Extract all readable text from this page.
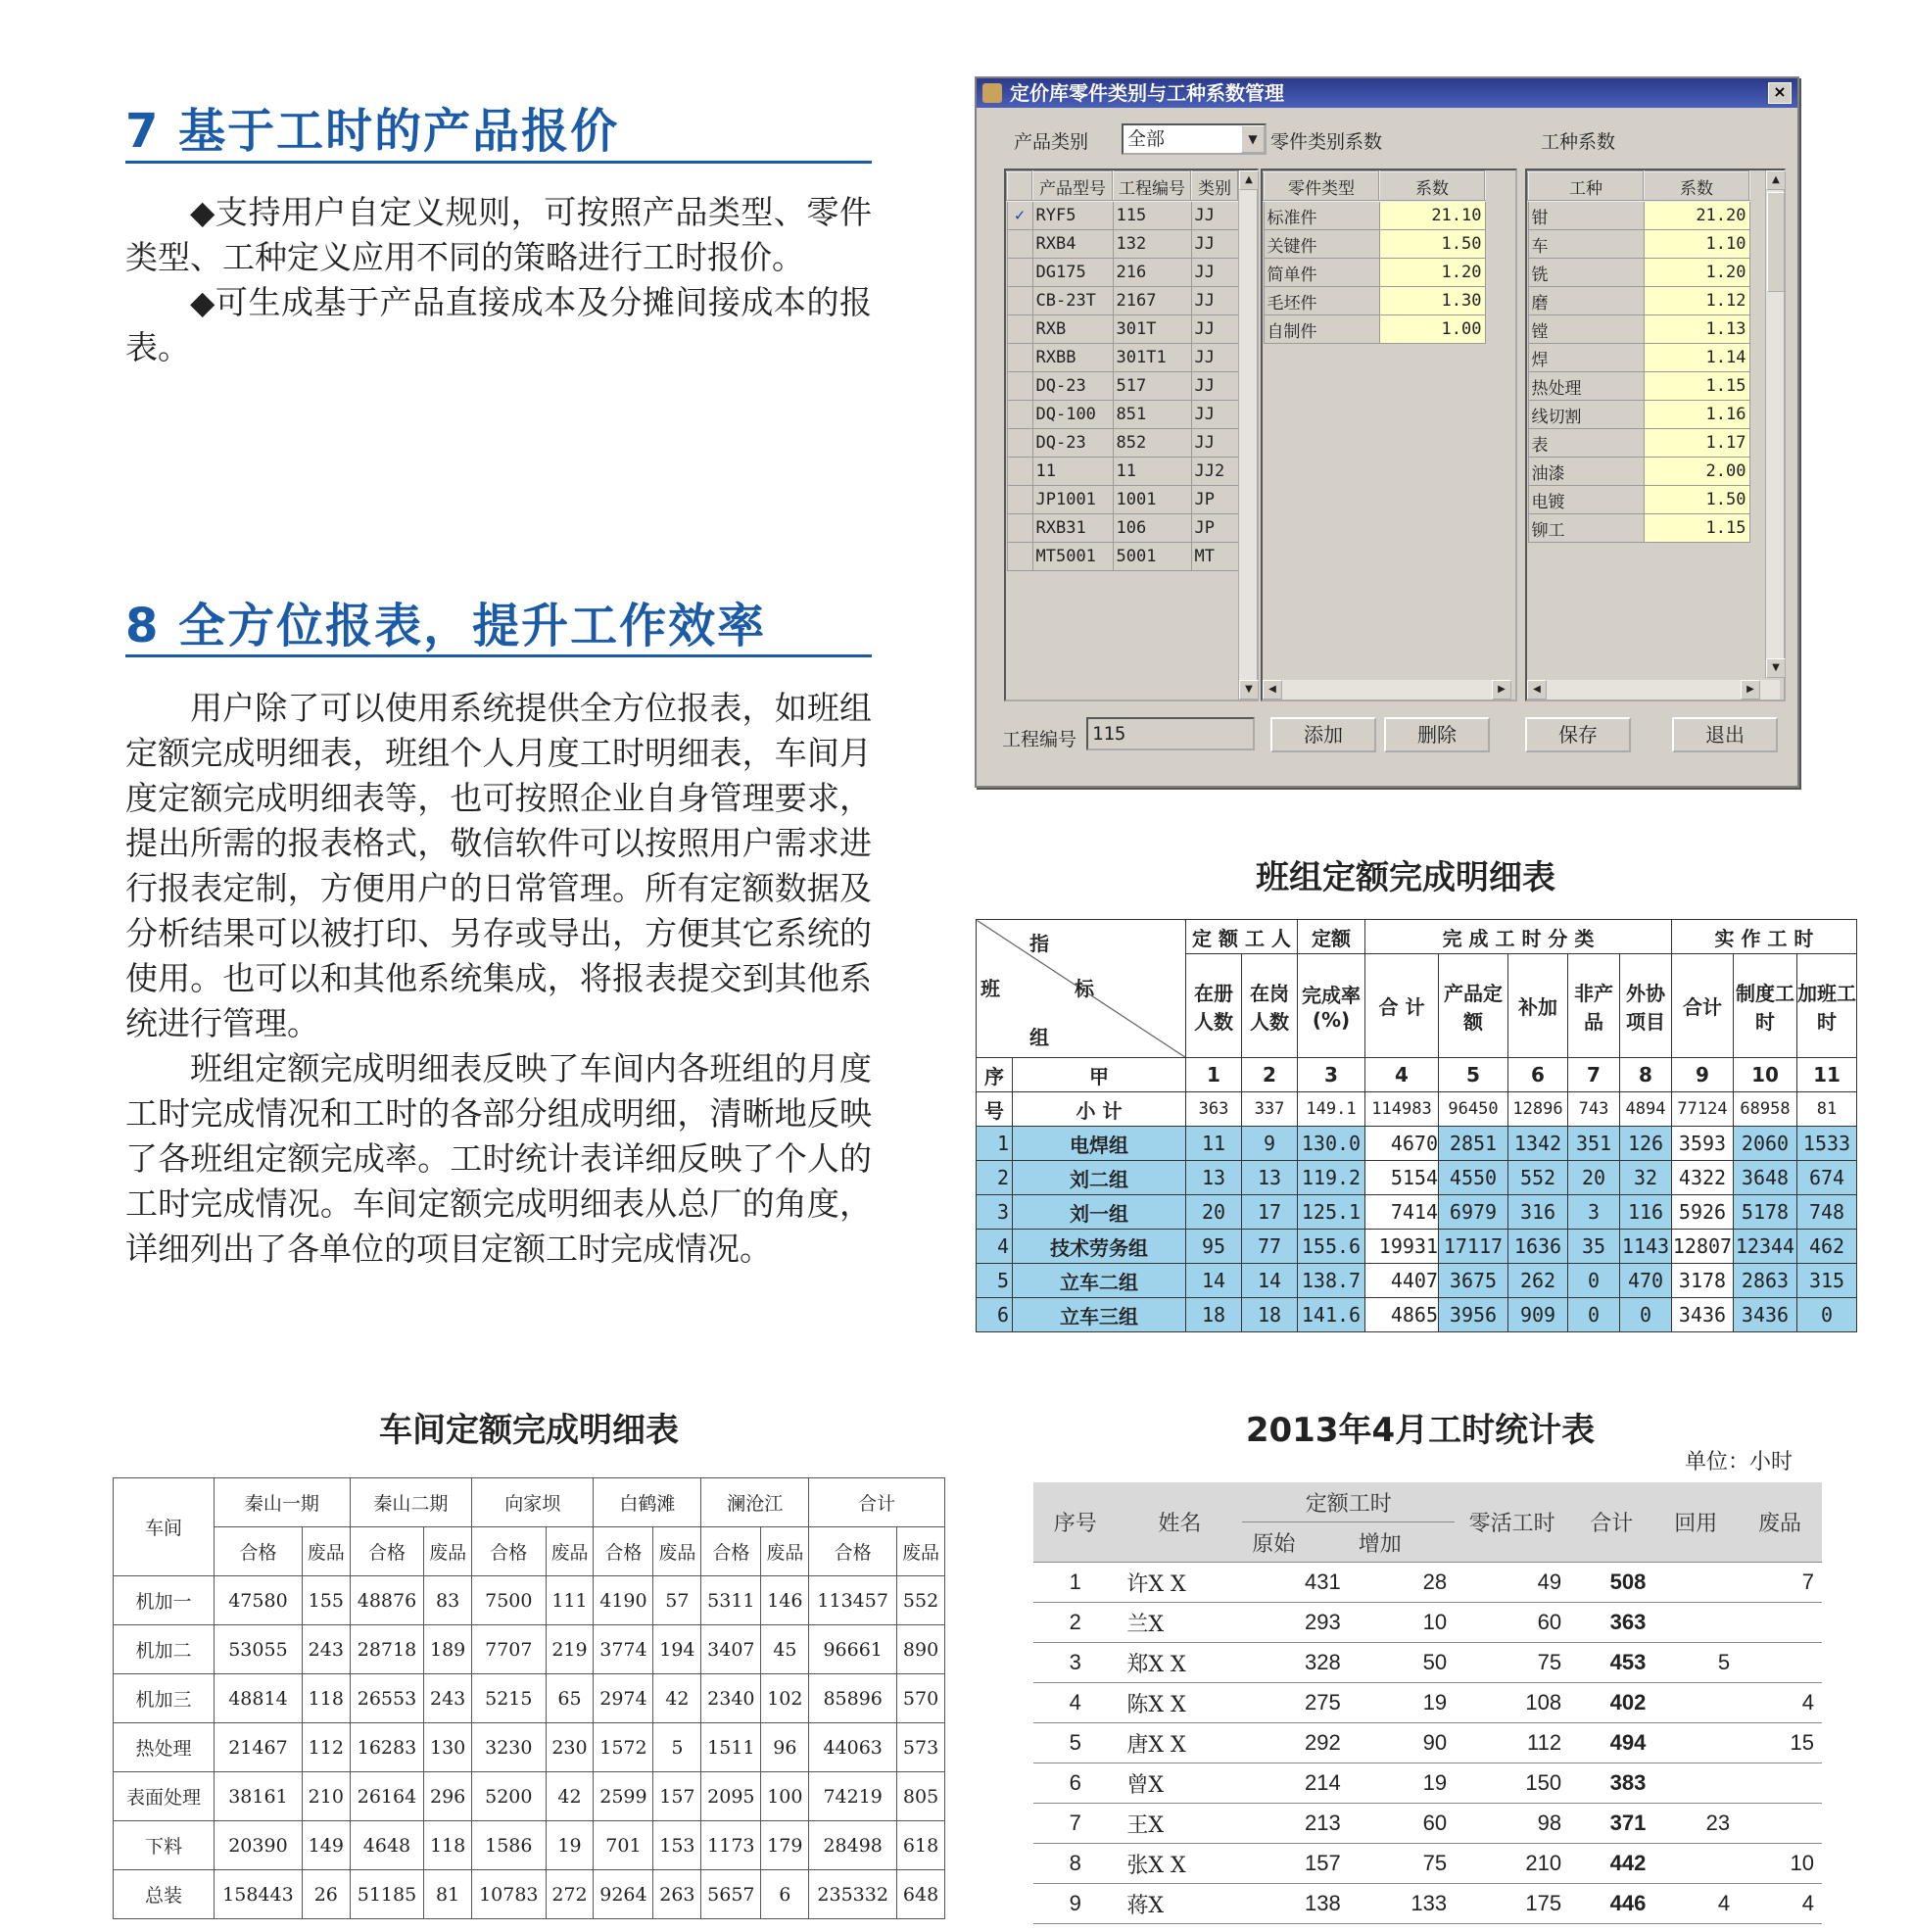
7 基于工时的产品报价

◆支持用户自定义规则，可按照产品类型、零件类型、工种定义应用不同的策略进行工时报价。

◆可生成基于产品直接成本及分摊间接成本的报表。

8 全方位报表，提升工作效率

用户除了可以使用系统提供全方位报表，如班组定额完成明细表，班组个人月度工时明细表，车间月度定额完成明细表等，也可按照企业自身管理要求，提出所需的报表格式，敬信软件可以按照用户需求进行报表定制，方便用户的日常管理。所有定额数据及分析结果可以被打印、另存或导出，方便其它系统的使用。也可以和其他系统集成，将报表提交到其他系统进行管理。

班组定额完成明细表反映了车间内各班组的月度工时完成情况和工时的各部分组成明细，清晰地反映了各班组定额完成率。工时统计表详细反映了个人的工时完成情况。车间定额完成明细表从总厂的角度，详细列出了各单位的项目定额工时完成情况。

定价库零件类别与工种系数管理	×
产品类别	全部	▼ 零件类别系数	工种系数
	产品型号	工程编号	类别
✓	RYF5	115	JJ
	RXB4	132	JJ
	DG175	216	JJ
	CB-23T	2167	JJ
	RXB	301T	JJ
	RXBB	301T1	JJ
	DQ-23	517	JJ
	DQ-100	851	JJ
	DQ-23	852	JJ
	11	11	JJ2
	JP1001	1001	JP
	RXB31	106	JP
	MT5001	5001	MT
▲
▼
零件类型	系数
标准件	21.10
关键件	1.50
简单件	1.20
毛坯件	1.30
自制件	1.00
◀	▶
工种	系数
钳	21.20
车	1.10
铣	1.20
磨	1.12
镗	1.13
焊	1.14
热处理	1.15
线切割	1.16
表	1.17
油漆	2.00
电镀	1.50
铆工	1.15
▲
▼
◀	▶
工程编号 115	添加	删除	保存	退出
班组定额完成明细表
指
标
班
组		定 额 工 人		定额	完 成 工 时 分 类					实 作 工 时		
		在册人数	在岗人数	完成率(%)	合 计	产品定额	补加	非产品	外协项目	合计	制度工时	加班工时

序	甲	1	2	3	4	5	6	7	8	9	10	11
号	小 计	363	337	149.1	114983	96450	12896	743	4894	77124	68958	81
1	电焊组	11	9	130.0	4670	2851	1342	351	126	3593	2060	1533
2	刘二组	13	13	119.2	5154	4550	552	20	32	4322	3648	674
3	刘一组	20	17	125.1	7414	6979	316	3	116	5926	5178	748
4	技术劳务组	95	77	155.6	19931	17117	1636	35	1143	12807	12344	462
5	立车二组	14	14	138.7	4407	3675	262	0	470	3178	2863	315
6	立车三组	18	18	141.6	4865	3956	909	0	0	3436	3436	0
车间定额完成明细表
车间	秦山一期		秦山二期		向家坝		白鹤滩		澜沧江		合计	
	合格	废品	合格	废品	合格	废品	合格	废品	合格	废品	合格	废品
机加一	47580	155	48876	83	7500	111	4190	57	5311	146	113457	552
机加二	53055	243	28718	189	7707	219	3774	194	3407	45	96661	890
机加三	48814	118	26553	243	5215	65	2974	42	2340	102	85896	570
热处理	21467	112	16283	130	3230	230	1572	5	1511	96	44063	573
表面处理	38161	210	26164	296	5200	42	2599	157	2095	100	74219	805
下料	20390	149	4648	118	1586	19	701	153	1173	179	28498	618
总装	158443	26	51185	81	10783	272	9264	263	5657	6	235332	648
2013年4月工时统计表
单位：小时
序号	姓名	定额工时		零活工时	合计	回用	废品
		原始	增加				
1	许X X	431	28	49	508		7
2	兰X	293	10	60	363		
3	郑X X	328	50	75	453	5	
4	陈X X	275	19	108	402		4
5	唐X X	292	90	112	494		15
6	曾X	214	19	150	383		
7	王X	213	60	98	371	23	
8	张X X	157	75	210	442		10
9	蒋X	138	133	175	446	4	4
